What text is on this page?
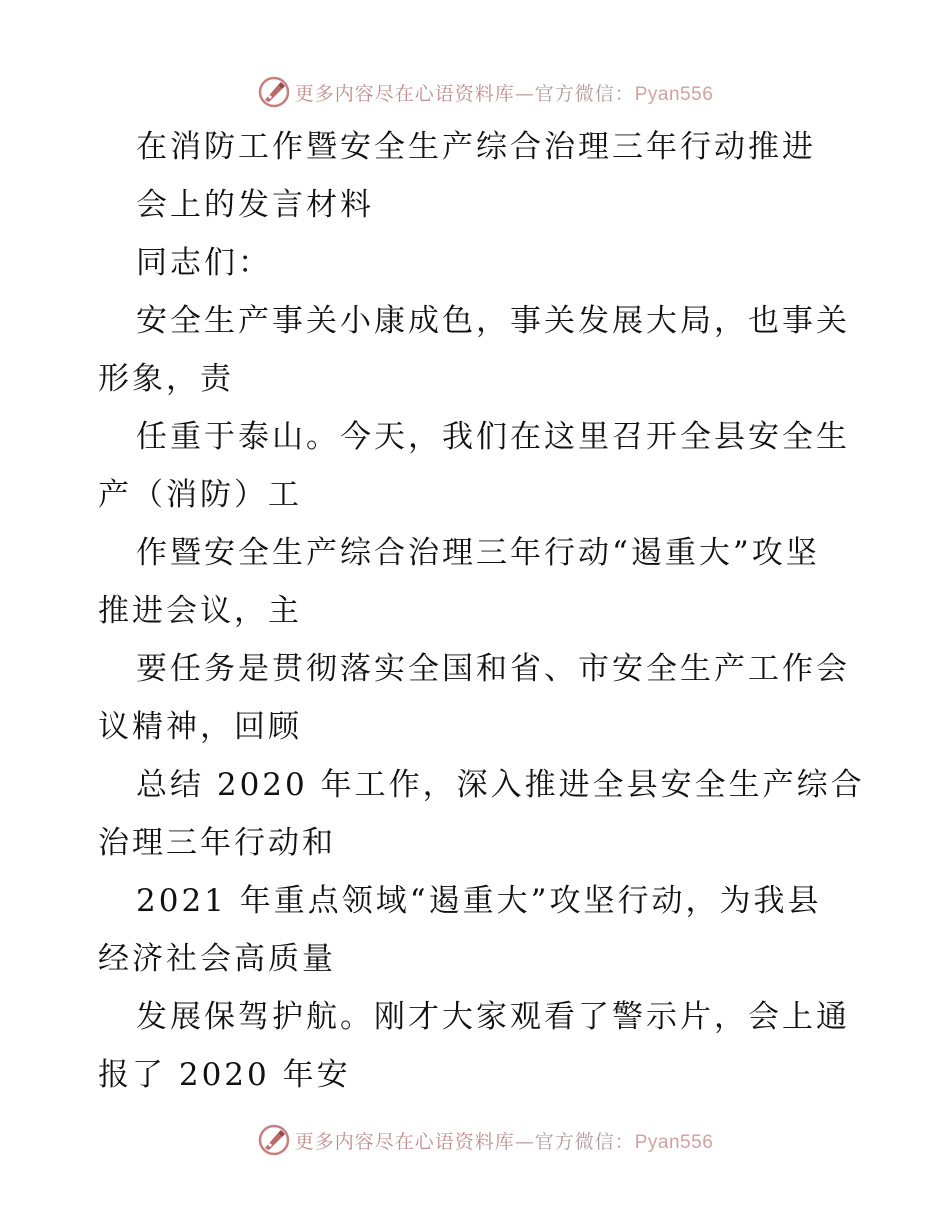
更多内容尽在心语资料库—官方微信：Pyan556
在消防工作暨安全生产综合治理三年行动推进
会上的发言材料
同志们：
安全生产事关小康成色，事关发展大局，也事关
形象，责
任重于泰山。今天，我们在这里召开全县安全生
产（消防）工
作暨安全生产综合治理三年行动“遏重大”攻坚
推进会议，主
要任务是贯彻落实全国和省、市安全生产工作会
议精神，回顾
总结 2020 年工作，深入推进全县安全生产综合
治理三年行动和
2021 年重点领域“遏重大”攻坚行动，为我县
经济社会高质量
发展保驾护航。刚才大家观看了警示片，会上通
报了 2020 年安
更多内容尽在心语资料库—官方微信：Pyan556
